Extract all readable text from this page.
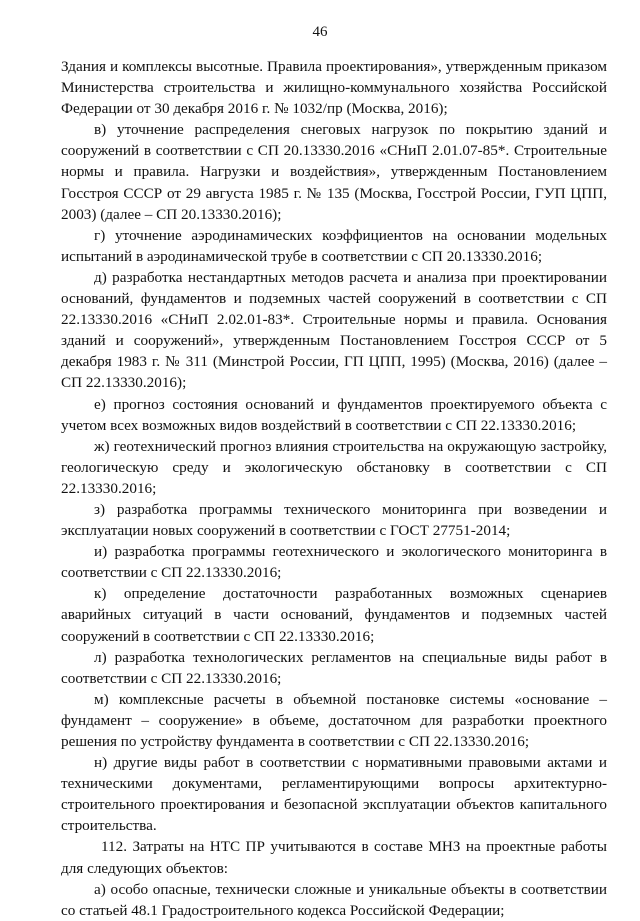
46

Здания и комплексы высотные. Правила проектирования», утвержденным приказом Министерства строительства и жилищно-коммунального хозяйства Российской Федерации от 30 декабря 2016 г. № 1032/пр (Москва, 2016);

в) уточнение распределения снеговых нагрузок по покрытию зданий и сооружений в соответствии с СП 20.13330.2016 «СНиП 2.01.07-85*. Строительные нормы и правила. Нагрузки и воздействия», утвержденным Постановлением Госстроя СССР от 29 августа 1985 г. № 135 (Москва, Госстрой России, ГУП ЦПП, 2003) (далее – СП 20.13330.2016);

г) уточнение аэродинамических коэффициентов на основании модельных испытаний в аэродинамической трубе в соответствии с СП 20.13330.2016;

д) разработка нестандартных методов расчета и анализа при проектировании оснований, фундаментов и подземных частей сооружений в соответствии с СП 22.13330.2016 «СНиП 2.02.01-83*. Строительные нормы и правила. Основания зданий и сооружений», утвержденным Постановлением Госстроя СССР от 5 декабря 1983 г. № 311 (Минстрой России, ГП ЦПП, 1995) (Москва, 2016) (далее – СП 22.13330.2016);

е) прогноз состояния оснований и фундаментов проектируемого объекта с учетом всех возможных видов воздействий в соответствии с СП 22.13330.2016;

ж) геотехнический прогноз влияния строительства на окружающую застройку, геологическую среду и экологическую обстановку в соответствии с СП 22.13330.2016;

з) разработка программы технического мониторинга при возведении и эксплуатации новых сооружений в соответствии с ГОСТ 27751-2014;

и) разработка программы геотехнического и экологического мониторинга в соответствии с СП 22.13330.2016;

к) определение достаточности разработанных возможных сценариев аварийных ситуаций в части оснований, фундаментов и подземных частей сооружений в соответствии с СП 22.13330.2016;

л) разработка технологических регламентов на специальные виды работ в соответствии с СП 22.13330.2016;

м) комплексные расчеты в объемной постановке системы «основание – фундамент – сооружение» в объеме, достаточном для разработки проектного решения по устройству фундамента в соответствии с СП 22.13330.2016;

н) другие виды работ в соответствии с нормативными правовыми актами и техническими документами, регламентирующими вопросы архитектурно-строительного проектирования и безопасной эксплуатации объектов капитального строительства.

112. Затраты на НТС ПР учитываются в составе МНЗ на проектные работы для следующих объектов:

а) особо опасные, технически сложные и уникальные объекты в соответствии со статьей 48.1 Градостроительного кодекса Российской Федерации;
